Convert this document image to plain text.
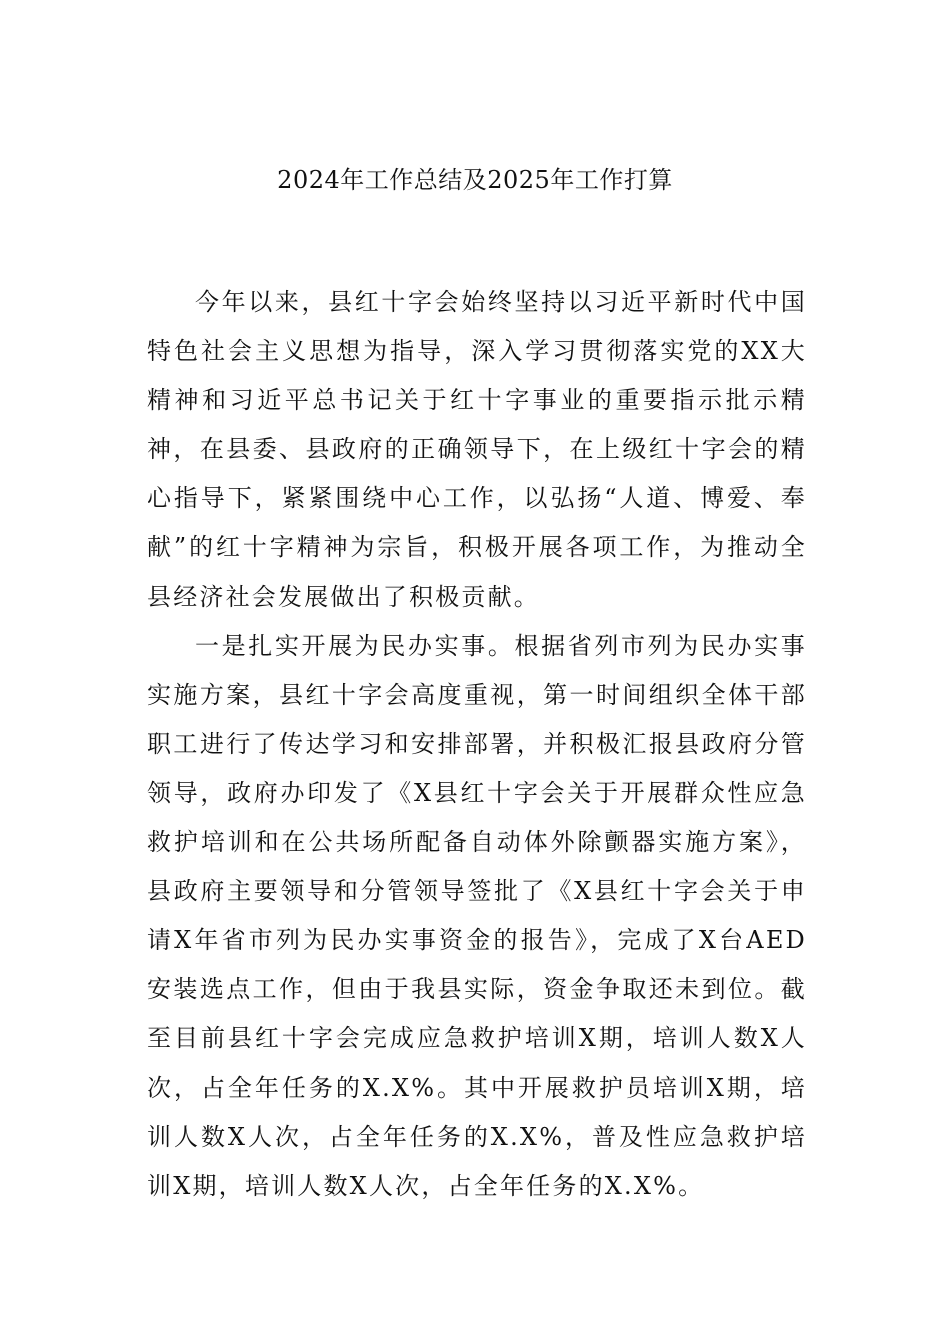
2024年工作总结及2025年工作打算

今年以来，县红十字会始终坚持以习近平新时代中国特色社会主义思想为指导，深入学习贯彻落实党的XX大精神和习近平总书记关于红十字事业的重要指示批示精神，在县委、县政府的正确领导下，在上级红十字会的精心指导下，紧紧围绕中心工作，以弘扬“人道、博爱、奉献”的红十字精神为宗旨，积极开展各项工作，为推动全县经济社会发展做出了积极贡献。

一是扎实开展为民办实事。根据省列市列为民办实事实施方案，县红十字会高度重视，第一时间组织全体干部职工进行了传达学习和安排部署，并积极汇报县政府分管领导，政府办印发了《X县红十字会关于开展群众性应急救护培训和在公共场所配备自动体外除颤器实施方案》，县政府主要领导和分管领导签批了《X县红十字会关于申请X年省市列为民办实事资金的报告》，完成了X台AED安装选点工作，但由于我县实际，资金争取还未到位。截至目前县红十字会完成应急救护培训X期，培训人数X人次，占全年任务的X.X%。其中开展救护员培训X期，培训人数X人次，占全年任务的X.X%，普及性应急救护培训X期，培训人数X人次，占全年任务的X.X%。
